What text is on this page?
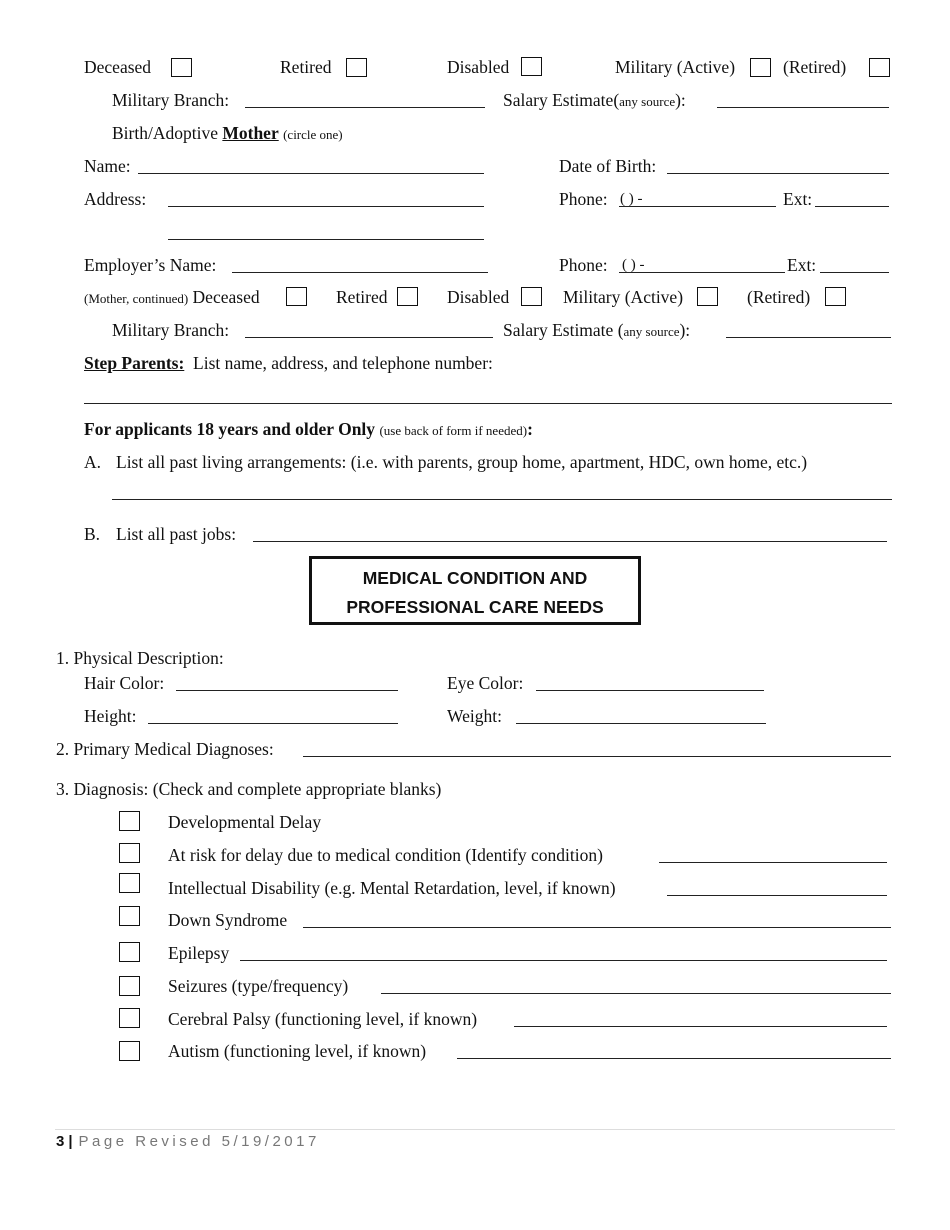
Deceased	Retired	Disabled	Military (Active)	(Retired)
Military Branch:	Salary Estimate(any source):
Birth/Adoptive Mother (circle one)
Name:	Date of Birth:
Address:	Phone: ( ) -	Ext:
Employer’s Name:	Phone: ( ) -	Ext:
(Mother, continued) Deceased	Retired	Disabled	Military (Active)	(Retired)
Military Branch:	Salary Estimate (any source):
Step Parents: List name, address, and telephone number:
For applicants 18 years and older Only (use back of form if needed):
A. List all past living arrangements: (i.e. with parents, group home, apartment, HDC, own home, etc.)
B. List all past jobs:
MEDICAL CONDITION AND
PROFESSIONAL CARE NEEDS
1. Physical Description:
Hair Color:	Eye Color:
Height:	Weight:
2. Primary Medical Diagnoses:
3. Diagnosis: (Check and complete appropriate blanks)
Developmental Delay
At risk for delay due to medical condition (Identify condition)
Intellectual Disability (e.g. Mental Retardation, level, if known)
Down Syndrome
Epilepsy
Seizures (type/frequency)
Cerebral Palsy (functioning level, if known)
Autism (functioning level, if known)
3 | Page Revised 5/19/2017
